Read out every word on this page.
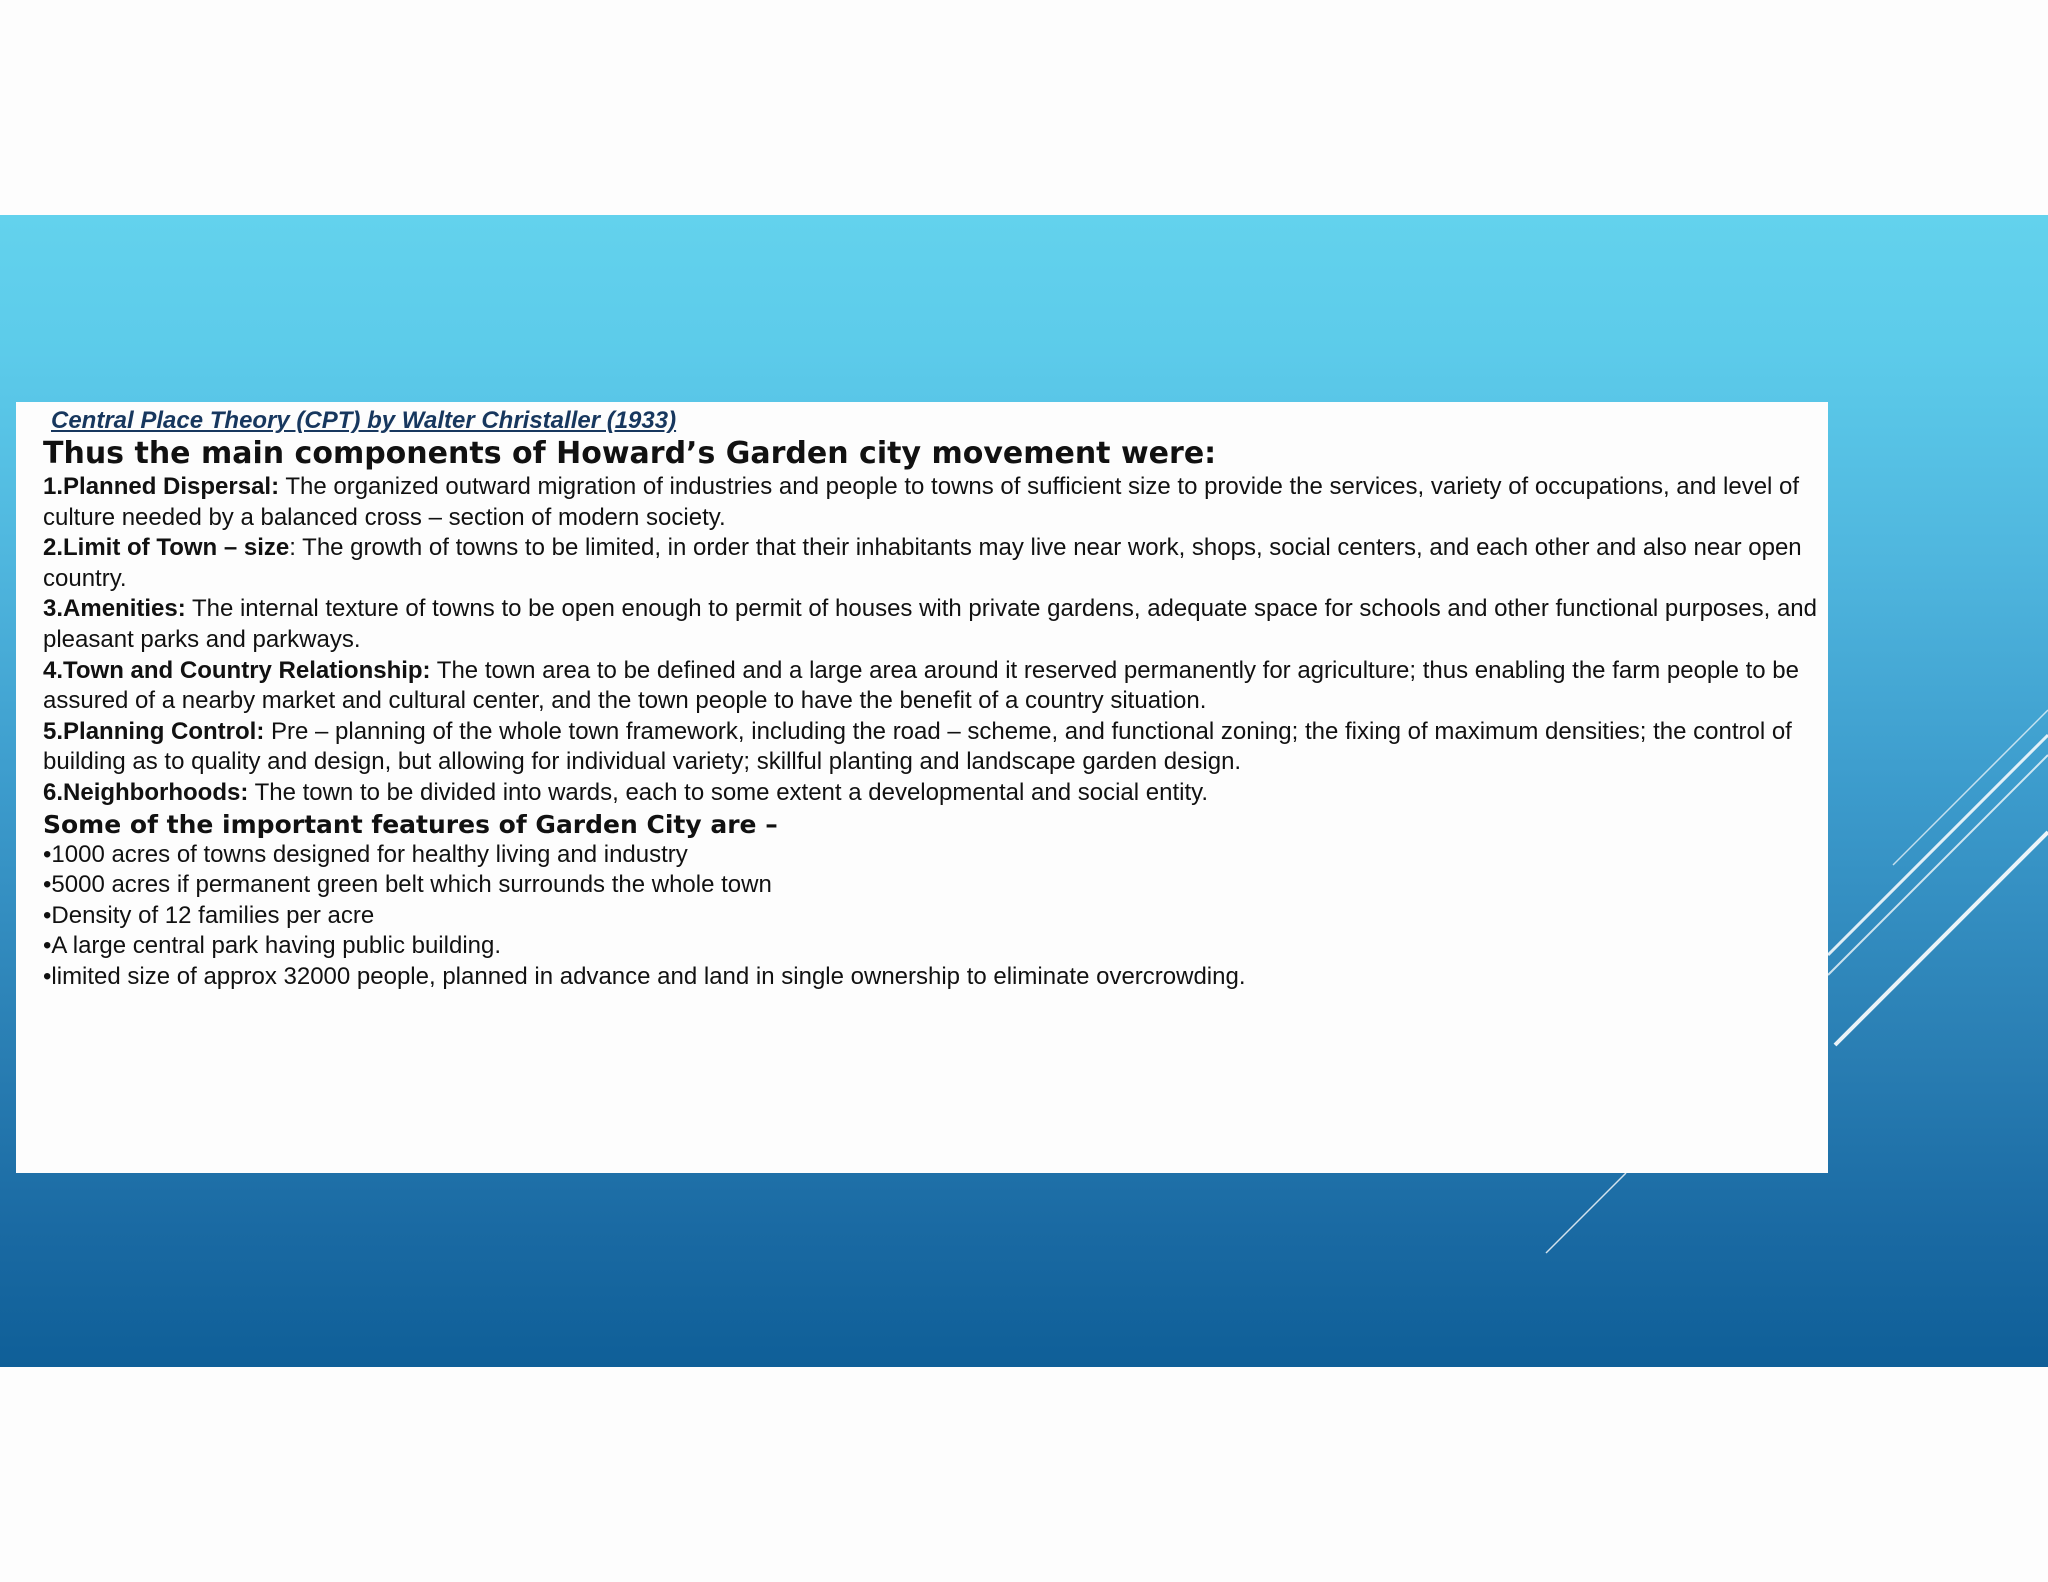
Central Place Theory (CPT) by Walter Christaller (1933)
Thus the main components of Howard’s Garden city movement were:

1.Planned Dispersal: The organized outward migration of industries and people to towns of sufficient size to provide the services, variety of occupations, and level of culture needed by a balanced cross – section of modern society.

2.Limit of Town – size: The growth of towns to be limited, in order that their inhabitants may live near work, shops, social centers, and each other and also near open country.

3.Amenities: The internal texture of towns to be open enough to permit of houses with private gardens, adequate space for schools and other functional purposes, and pleasant parks and parkways.

4.Town and Country Relationship: The town area to be defined and a large area around it reserved permanently for agriculture; thus enabling the farm people to be assured of a nearby market and cultural center, and the town people to have the benefit of a country situation.

5.Planning Control: Pre – planning of the whole town framework, including the road – scheme, and functional zoning; the fixing of maximum densities; the control of building as to quality and design, but allowing for individual variety; skillful planting and landscape garden design.

6.Neighborhoods: The town to be divided into wards, each to some extent a developmental and social entity.

Some of the important features of Garden City are –
•1000 acres of towns designed for healthy living and industry
•5000 acres if permanent green belt which surrounds the whole town
•Density of 12 families per acre
•A large central park having public building.
•limited size of approx 32000 people, planned in advance and land in single ownership to eliminate overcrowding.
